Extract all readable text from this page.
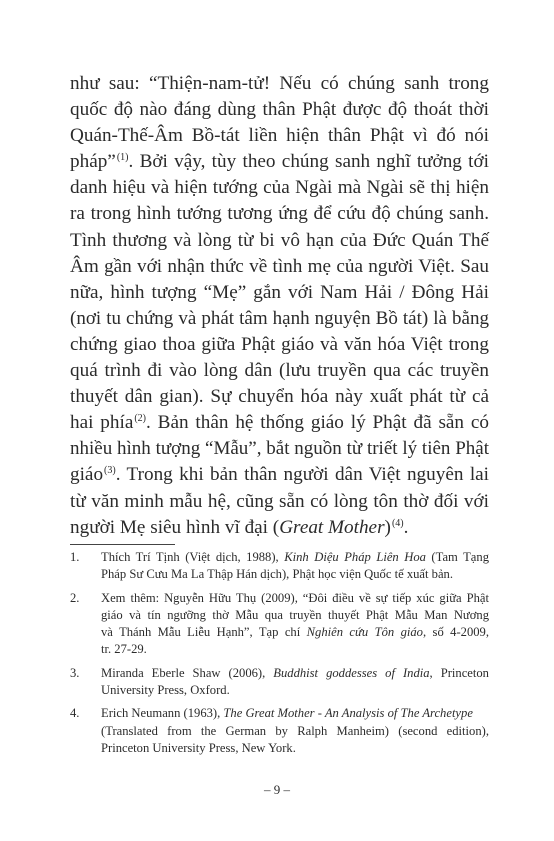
như sau: “Thiện-nam-tử! Nếu có chúng sanh trong
quốc độ nào đáng dùng thân Phật được độ thoát thời
Quán-Thế-Âm Bồ-tát liền hiện thân Phật vì đó nói
pháp”$^{(1)}$. Bởi vậy, tùy theo chúng sanh nghĩ tưởng tới
danh hiệu và hiện tướng của Ngài mà Ngài sẽ thị hiện
ra trong hình tướng tương ứng để cứu độ chúng sanh.
Tình thương và lòng từ bi vô hạn của Đức Quán Thế
Âm gần với nhận thức về tình mẹ của người Việt. Sau
nữa, hình tượng “Mẹ” gắn với Nam Hải / Đông Hải
(nơi tu chứng và phát tâm hạnh nguyện Bồ tát) là bằng
chứng giao thoa giữa Phật giáo và văn hóa Việt trong
quá trình đi vào lòng dân (lưu truyền qua các truyền
thuyết dân gian). Sự chuyển hóa này xuất phát từ cả
hai phía$^{(2)}$. Bản thân hệ thống giáo lý Phật đã sẵn có
nhiều hình tượng “Mẫu”, bắt nguồn từ triết lý tiên Phật
giáo$^{(3)}$. Trong khi bản thân người dân Việt nguyên lai
từ văn minh mẫu hệ, cũng sẵn có lòng tôn thờ đối với
người Mẹ siêu hình vĩ đại (Great Mother)$^{(4)}$.
1. Thích Trí Tịnh (Việt dịch, 1988), Kinh Diệu Pháp Liên Hoa (Tam Tạng
Pháp Sư Cưu Ma La Thập Hán dịch), Phật học viện Quốc tế xuất bản.
2. Xem thêm: Nguyễn Hữu Thụ (2009), “Đôi điều về sự tiếp xúc giữa Phật
giáo và tín ngưỡng thờ Mẫu qua truyền thuyết Phật Mẫu Man Nương
và Thánh Mẫu Liễu Hạnh”, Tạp chí Nghiên cứu Tôn giáo, số 4-2009,
tr. 27-29.
3. Miranda Eberle Shaw (2006), Buddhist goddesses of India, Princeton
University Press, Oxford.
4. Erich Neumann (1963), The Great Mother - An Analysis of The Archetype
(Translated from the German by Ralph Manheim) (second edition),
Princeton University Press, New York.
– 9 –
